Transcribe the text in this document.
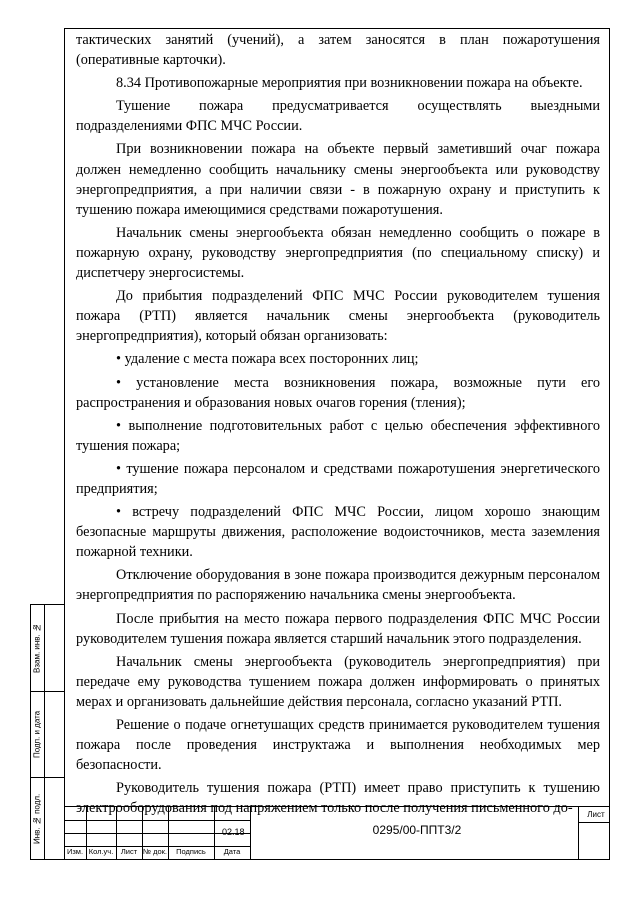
тактических занятий (учений), а затем заносятся в план пожаротушения (оперативные карточки).

8.34 Противопожарные мероприятия при возникновении пожара на объекте.

Тушение пожара предусматривается осуществлять выездными подразделениями ФПС МЧС России.

При возникновении пожара на объекте первый заметивший очаг пожара должен немедленно сообщить начальнику смены энергообъекта или руководству энергопредприятия, а при наличии связи - в пожарную охрану и приступить к тушению пожара имеющимися средствами пожаротушения.

Начальник смены энергообъекта обязан немедленно сообщить о пожаре в пожарную охрану, руководству энергопредприятия (по специальному списку) и диспетчеру энергосистемы.

До прибытия подразделений ФПС МЧС России руководителем тушения пожара (РТП) является начальник смены энергообъекта (руководитель энергопредприятия), который обязан организовать:

• удаление с места пожара всех посторонних лиц;

• установление места возникновения пожара, возможные пути его распространения и образования новых очагов горения (тления);

• выполнение подготовительных работ с целью обеспечения эффективного тушения пожара;

• тушение пожара персоналом и средствами пожаротушения энергетического предприятия;

• встречу подразделений ФПС МЧС России, лицом хорошо знающим безопасные маршруты движения, расположение водоисточников, места заземления пожарной техники.

Отключение оборудования в зоне пожара производится дежурным персоналом энергопредприятия по распоряжению начальника смены энергообъекта.

После прибытия на место пожара первого подразделения ФПС МЧС России руководителем тушения пожара является старший начальник этого подразделения.

Начальник смены энергообъекта (руководитель энергопредприятия) при передаче ему руководства тушением пожара должен информировать о принятых мерах и организовать дальнейшие действия персонала, согласно указаний РТП.

Решение о подаче огнетушащих средств принимается руководителем тушения пожара после проведения инструктажа и выполнения необходимых мер безопасности.

Руководитель тушения пожара (РТП) имеет право приступить к тушению электрооборудования под напряжением только после получения письменного до-

Взам. инв. №
Подп. и дата
Инв. № подл.
Изм. Кол.уч.	Лист № док.	Подпись	Дата
02.18	0295/00-ППТ3/2
Лист
